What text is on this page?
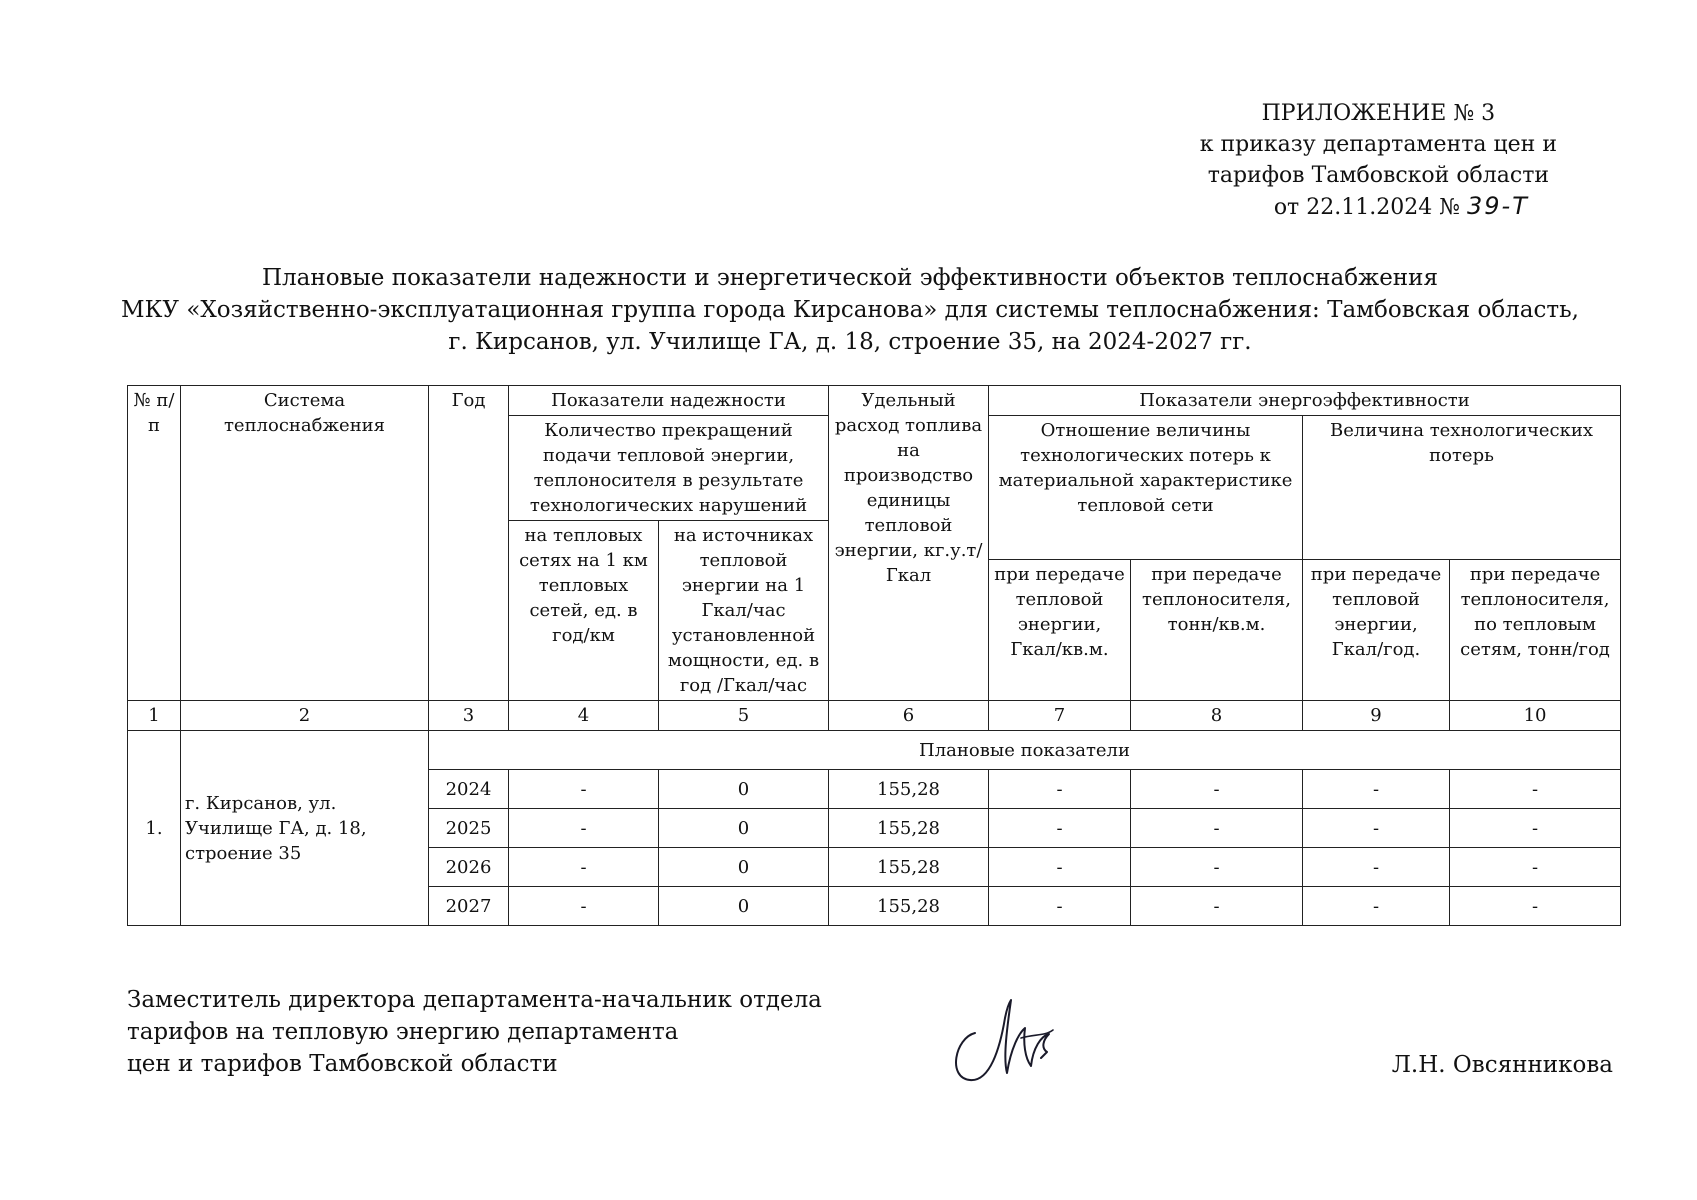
ПРИЛОЖЕНИЕ № 3
к приказу департамента цен и
тарифов Тамбовской области
от 22.11.2024 № 39-Т
Плановые показатели надежности и энергетической эффективности объектов теплоснабжения
МКУ «Хозяйственно-эксплуатационная группа города Кирсанова» для системы теплоснабжения: Тамбовская область,
г. Кирсанов, ул. Училище ГА, д. 18, строение 35, на 2024-2027 гг.
№ п/п	Система теплоснабжения	Год	Показатели надежности		Удельный расход топлива на производство единицы тепловой энергии, кг.у.т/Гкал	Показатели энергоэффективности			
			Количество прекращений подачи тепловой энергии, теплоносителя в результате технологических нарушений			Отношение величины технологических потерь к материальной характеристике тепловой сети		Величина технологических потерь	
			на тепловых сетях на 1 км тепловых сетей, ед. в год/км	на источниках тепловой энергии на 1 Гкал/час установленной мощности, ед. в год /Гкал/час					
						при передаче тепловой энергии, Гкал/кв.м.	при передаче теплоносителя, тонн/кв.м.	при передаче тепловой энергии, Гкал/год.	при передаче теплоносителя, по тепловым сетям, тонн/год
1	2	3	4	5	6	7	8	9	10
1.	г. Кирсанов, ул. Училище ГА, д. 18, строение 35	Плановые показатели							
		2024	-	0	155,28	-	-	-	-
		2025	-	0	155,28	-	-	-	-
		2026	-	0	155,28	-	-	-	-
		2027	-	0	155,28	-	-	-	-
Заместитель директора департамента-начальник отдела
тарифов на тепловую энергию департамента
цен и тарифов Тамбовской области	Л.Н. Овсянникова
